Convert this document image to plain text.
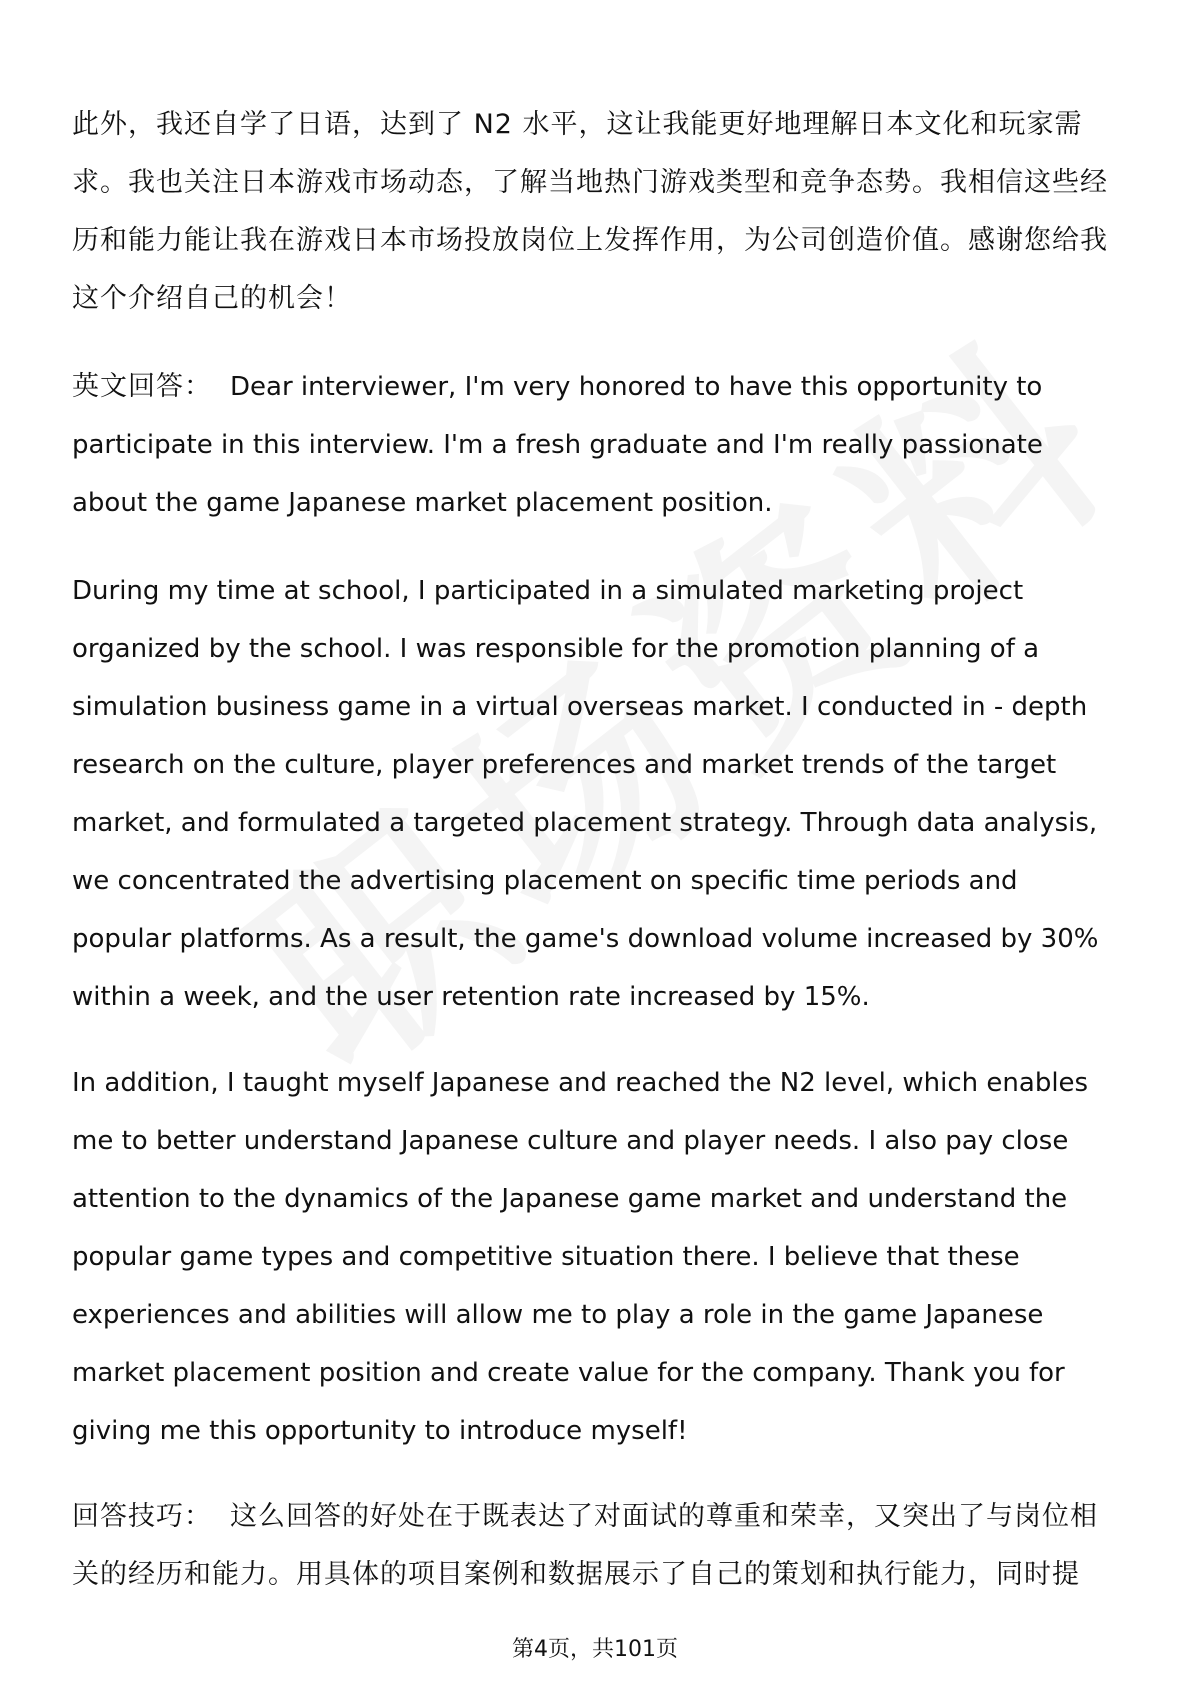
此外，我还自学了日语，达到了 N2 水平，这让我能更好地理解日本文化和玩家需求。我也关注日本游戏市场动态，了解当地热门游戏类型和竞争态势。我相信这些经历和能力能让我在游戏日本市场投放岗位上发挥作用，为公司创造价值。感谢您给我这个介绍自己的机会！

英文回答： Dear interviewer, I'm very honored to have this opportunity to participate in this interview. I'm a fresh graduate and I'm really passionate about the game Japanese market placement position.

During my time at school, I participated in a simulated marketing project organized by the school. I was responsible for the promotion planning of a simulation business game in a virtual overseas market. I conducted in - depth research on the culture, player preferences and market trends of the target market, and formulated a targeted placement strategy. Through data analysis, we concentrated the advertising placement on specific time periods and popular platforms. As a result, the game's download volume increased by 30% within a week, and the user retention rate increased by 15%.

In addition, I taught myself Japanese and reached the N2 level, which enables me to better understand Japanese culture and player needs. I also pay close attention to the dynamics of the Japanese game market and understand the popular game types and competitive situation there. I believe that these experiences and abilities will allow me to play a role in the game Japanese market placement position and create value for the company. Thank you for giving me this opportunity to introduce myself!

回答技巧： 这么回答的好处在于既表达了对面试的尊重和荣幸，又突出了与岗位相关的经历和能力。用具体的项目案例和数据展示了自己的策划和执行能力，同时提

第4页，共101页
